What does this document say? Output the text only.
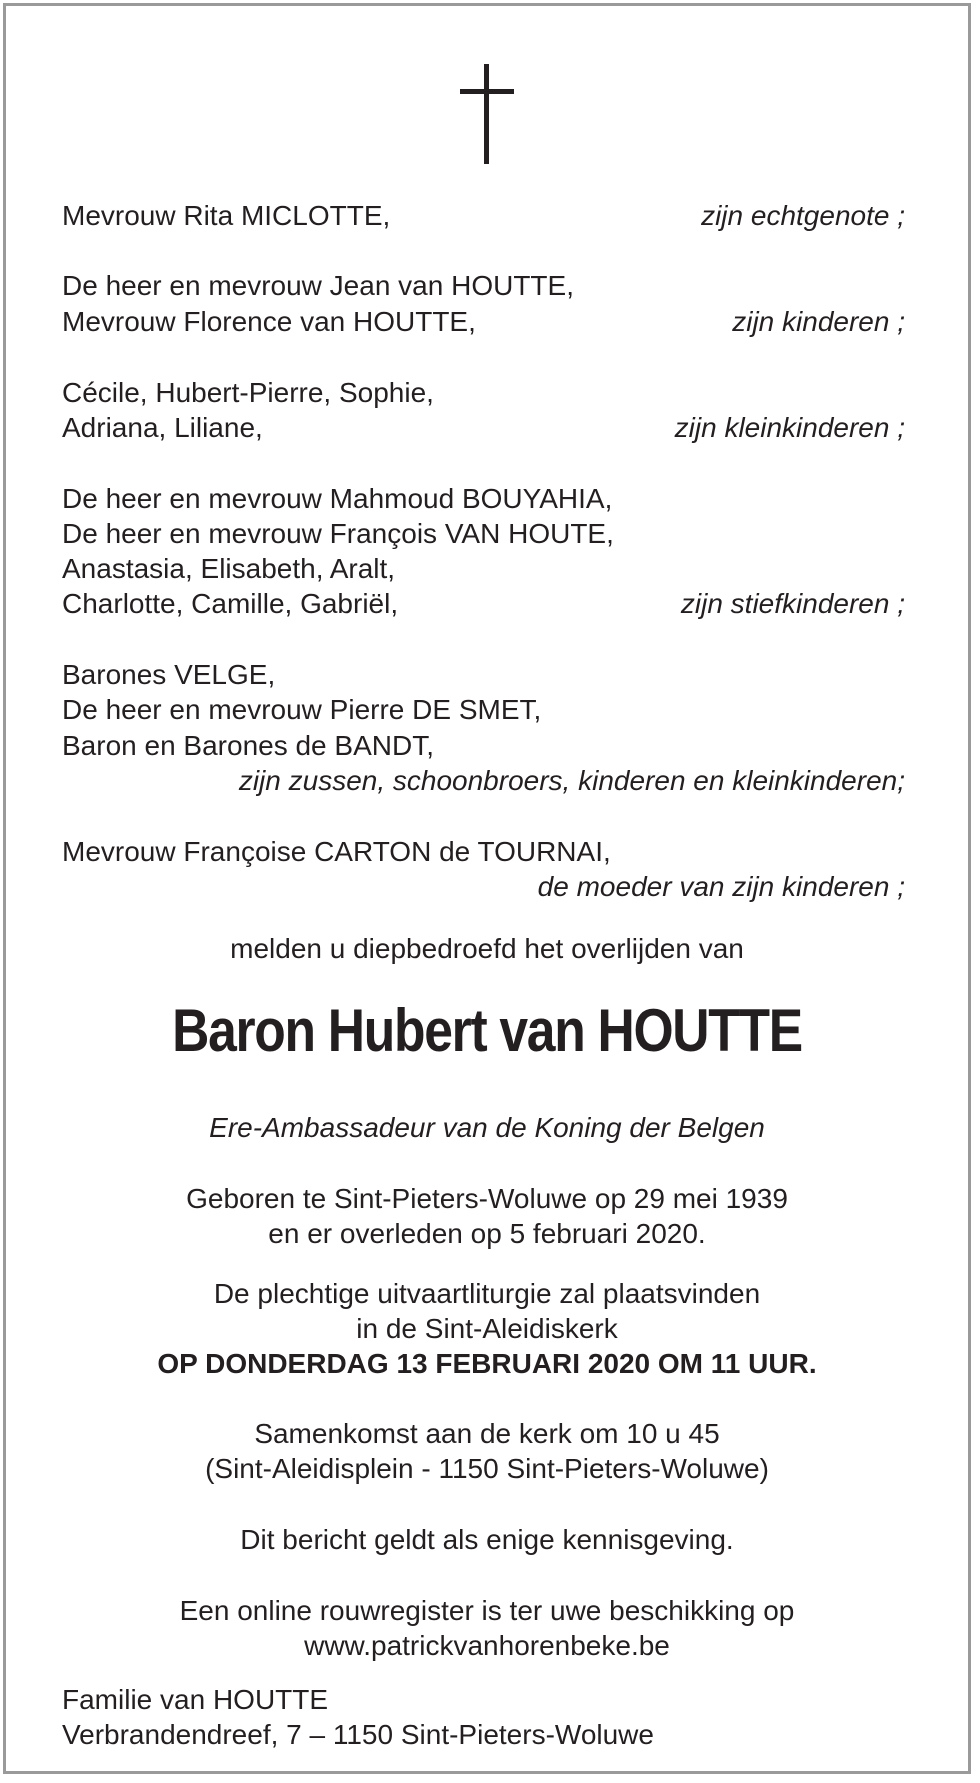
Mevrouw Rita MICLOTTE,	zijn echtgenote ;
De heer en mevrouw Jean van HOUTTE,
Mevrouw Florence van HOUTTE,	zijn kinderen ;
Cécile, Hubert-Pierre, Sophie,
Adriana, Liliane,	zijn kleinkinderen ;
De heer en mevrouw Mahmoud BOUYAHIA,
De heer en mevrouw François VAN HOUTE,
Anastasia, Elisabeth, Aralt,
Charlotte, Camille, Gabriël,	zijn stiefkinderen ;
Barones VELGE,
De heer en mevrouw Pierre DE SMET,
Baron en Barones de BANDT,
zijn zussen, schoonbroers, kinderen en kleinkinderen;
Mevrouw Françoise CARTON de TOURNAI,
de moeder van zijn kinderen ;
melden u diepbedroefd het overlijden van
Baron Hubert van HOUTTE
Ere-Ambassadeur van de Koning der Belgen
Geboren te Sint-Pieters-Woluwe op 29 mei 1939
en er overleden op 5 februari 2020.
De plechtige uitvaartliturgie zal plaatsvinden
in de Sint-Aleidiskerk
OP DONDERDAG 13 FEBRUARI 2020 OM 11 UUR.
Samenkomst aan de kerk om 10 u 45
(Sint-Aleidisplein - 1150 Sint-Pieters-Woluwe)
Dit bericht geldt als enige kennisgeving.
Een online rouwregister is ter uwe beschikking op
www.patrickvanhorenbeke.be
Familie van HOUTTE
Verbrandendreef, 7 – 1150 Sint-Pieters-Woluwe
